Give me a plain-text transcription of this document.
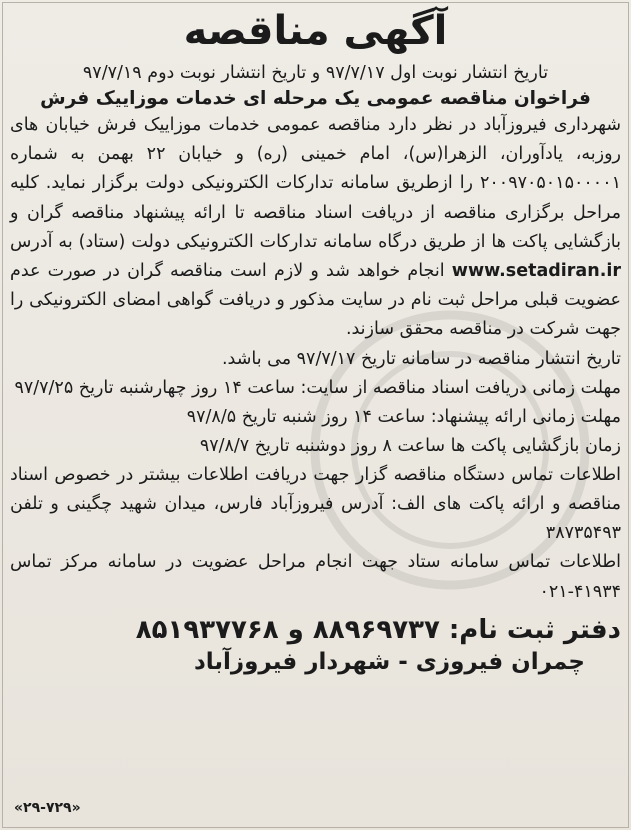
آگهی مناقصه

تاریخ انتشار نوبت اول ۹۷/۷/۱۷ و تاریخ انتشار نوبت دوم ۹۷/۷/۱۹

فراخوان مناقصه عمومی یک مرحله ای خدمات موزاییک فرش

شهرداری فیروزآباد در نظر دارد مناقصه عمومی خدمات موزاییک فرش خیابان های روزبه، یادآوران، الزهرا(س)، امام خمینی (ره) و خیابان ۲۲ بهمن به شماره ۲۰۰۹۷۰۵۰۱۵۰۰۰۰۱ را ازطریق سامانه تدارکات الکترونیکی دولت برگزار نماید. کلیه مراحل برگزاری مناقصه از دریافت اسناد مناقصه تا ارائه پیشنهاد مناقصه گران و بازگشایی پاکت ها از طریق درگاه سامانه تدارکات الکترونیکی دولت (ستاد) به آدرس www.setadiran.ir انجام خواهد شد و لازم است مناقصه گران در صورت عدم عضویت قبلی مراحل ثبت نام در سایت مذکور و دریافت گواهی امضای الکترونیکی را جهت شرکت در مناقصه محقق سازند.

تاریخ انتشار مناقصه در سامانه تاریخ ۹۷/۷/۱۷ می باشد.

مهلت زمانی دریافت اسناد مناقصه از سایت: ساعت ۱۴ روز چهارشنبه تاریخ ۹۷/۷/۲۵

مهلت زمانی ارائه پیشنهاد: ساعت ۱۴ روز شنبه تاریخ ۹۷/۸/۵

زمان بازگشایی پاکت ها ساعت ۸ روز دوشنبه تاریخ ۹۷/۸/۷

اطلاعات تماس دستگاه مناقصه گزار جهت دریافت اطلاعات بیشتر در خصوص اسناد مناقصه و ارائه پاکت های الف: آدرس فیروزآباد فارس، میدان شهید چگینی و تلفن ۳۸۷۳۵۴۹۳

اطلاعات تماس سامانه ستاد جهت انجام مراحل عضویت در سامانه مرکز تماس ۴۱۹۳۴-۰۲۱

دفتر ثبت نام: ۸۸۹۶۹۷۳۷ و ۸۵۱۹۳۷۷۶۸

چمران فیروزی - شهردار فیروزآباد

«۲۹-۷۲۹»
